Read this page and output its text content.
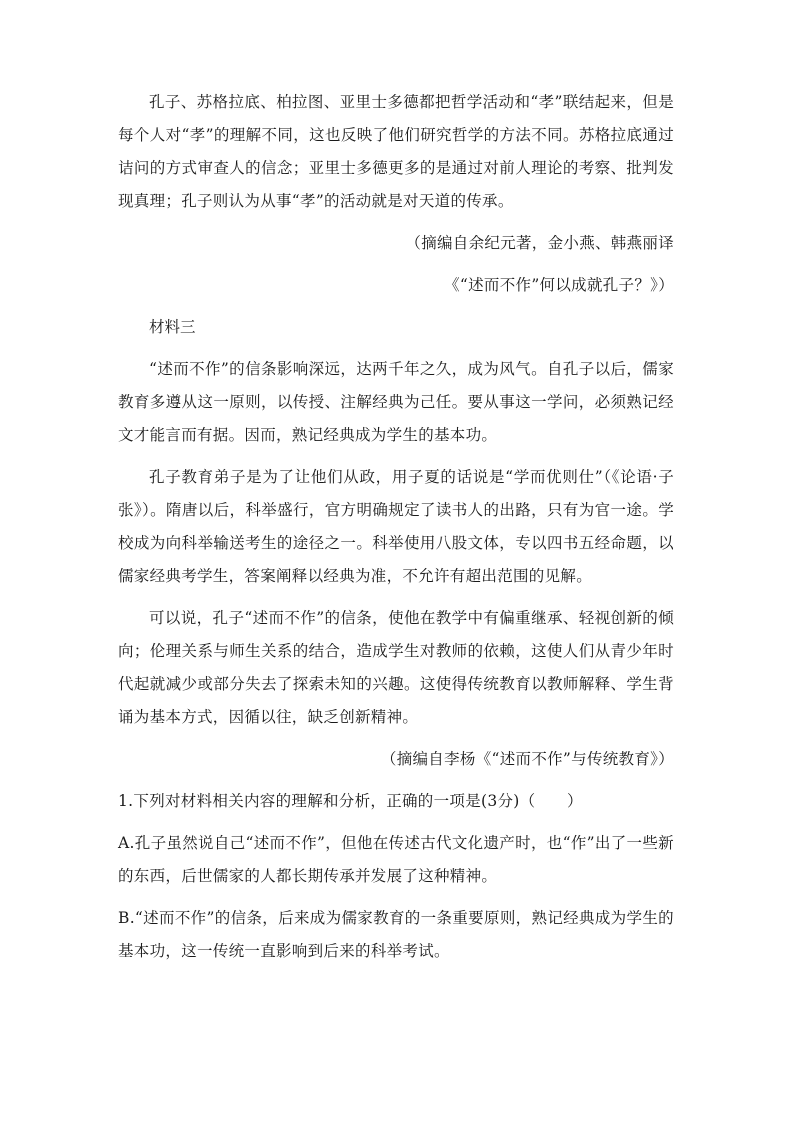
孔子、苏格拉底、柏拉图、亚里士多德都把哲学活动和“孝”联结起来，但是每个人对“孝”的理解不同，这也反映了他们研究哲学的方法不同。苏格拉底通过诘问的方式审查人的信念；亚里士多德更多的是通过对前人理论的考察、批判发现真理；孔子则认为从事“孝”的活动就是对天道的传承。

（摘编自余纪元著，金小燕、韩燕丽译

《“述而不作”何以成就孔子？》）

材料三

“述而不作”的信条影响深远，达两千年之久，成为风气。自孔子以后，儒家教育多遵从这一原则，以传授、注解经典为己任。要从事这一学问，必须熟记经文才能言而有据。因而，熟记经典成为学生的基本功。

孔子教育弟子是为了让他们从政，用子夏的话说是“学而优则仕”（《论语·子张》）。隋唐以后，科举盛行，官方明确规定了读书人的出路，只有为官一途。学校成为向科举输送考生的途径之一。科举使用八股文体，专以四书五经命题，以儒家经典考学生，答案阐释以经典为准，不允许有超出范围的见解。

可以说，孔子“述而不作”的信条，使他在教学中有偏重继承、轻视创新的倾向；伦理关系与师生关系的结合，造成学生对教师的依赖，这使人们从青少年时代起就减少或部分失去了探索未知的兴趣。这使得传统教育以教师解释、学生背诵为基本方式，因循以往，缺乏创新精神。

（摘编自李杨《“述而不作”与传统教育》）

1.下列对材料相关内容的理解和分析，正确的一项是(3分)（　　）

A.孔子虽然说自己“述而不作”，但他在传述古代文化遗产时，也“作”出了一些新的东西，后世儒家的人都长期传承并发展了这种精神。

B.“述而不作”的信条，后来成为儒家教育的一条重要原则，熟记经典成为学生的基本功，这一传统一直影响到后来的科举考试。
